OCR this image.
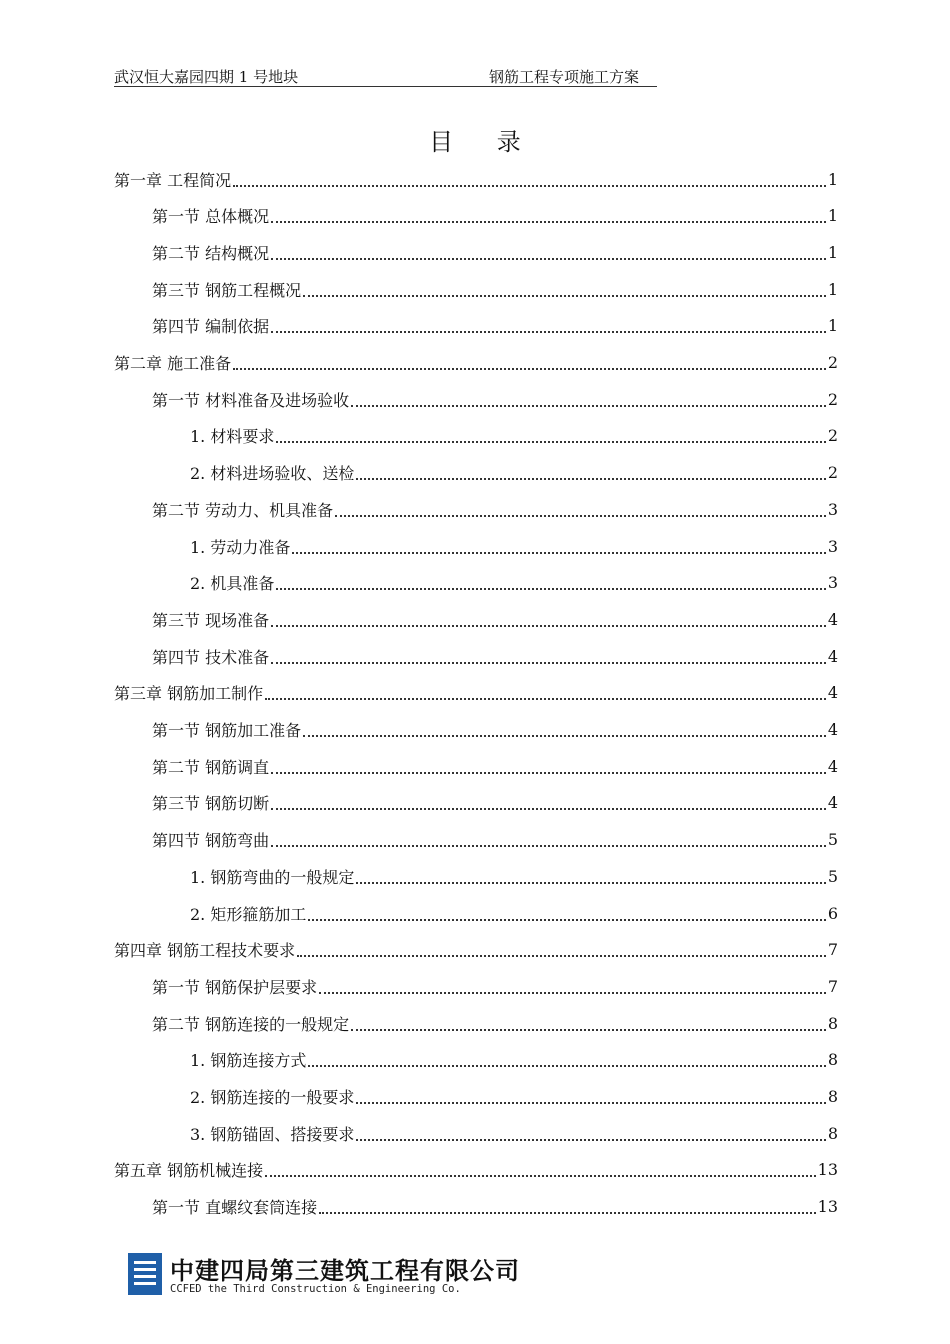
武汉恒大嘉园四期 1 号地块	钢筋工程专项施工方案
目 录
第一章 工程简况	1
第一节 总体概况	1
第二节 结构概况	1
第三节 钢筋工程概况	1
第四节 编制依据	1
第二章 施工准备	2
第一节 材料准备及进场验收	2
1. 材料要求	2
2. 材料进场验收、送检	2
第二节 劳动力、机具准备	3
1. 劳动力准备	3
2. 机具准备	3
第三节 现场准备	4
第四节 技术准备	4
第三章 钢筋加工制作	4
第一节 钢筋加工准备	4
第二节 钢筋调直	4
第三节 钢筋切断	4
第四节 钢筋弯曲	5
1. 钢筋弯曲的一般规定	5
2. 矩形箍筋加工	6
第四章 钢筋工程技术要求	7
第一节 钢筋保护层要求	7
第二节 钢筋连接的一般规定	8
1. 钢筋连接方式	8
2. 钢筋连接的一般要求	8
3. 钢筋锚固、搭接要求	8
第五章 钢筋机械连接	13
第一节 直螺纹套筒连接	13
中建四局第三建筑工程有限公司
CCFED the Third Construction & Engineering Co.
